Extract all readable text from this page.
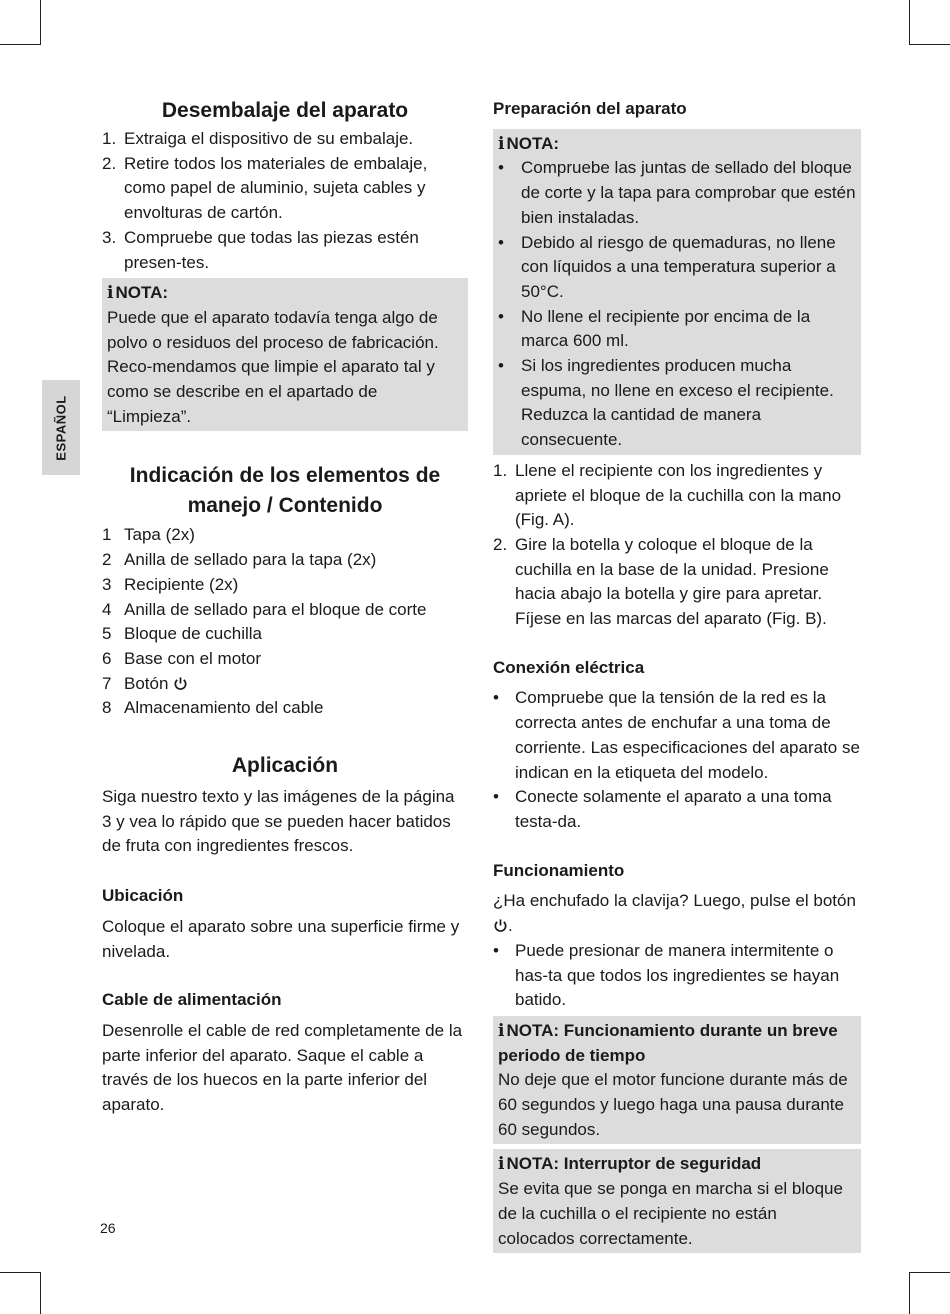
ESPAÑOL
Desembalaje del aparato
1. Extraiga el dispositivo de su embalaje.
2. Retire todos los materiales de embalaje, como papel de aluminio, sujeta cables y envolturas de cartón.
3. Compruebe que todas las piezas estén presen-tes.
i NOTA:

Puede que el aparato todavía tenga algo de polvo o residuos del proceso de fabricación. Reco-mendamos que limpie el aparato tal y como se describe en el apartado de “Limpieza”.

Indicación de los elementos de manejo / Contenido
1 Tapa (2x)
2 Anilla de sellado para la tapa (2x)
3 Recipiente (2x)
4 Anilla de sellado para el bloque de corte
5 Bloque de cuchilla
6 Base con el motor
7 Botón
8 Almacenamiento del cable
Aplicación

Siga nuestro texto y las imágenes de la página 3 y vea lo rápido que se pueden hacer batidos de fruta con ingredientes frescos.

Ubicación

Coloque el aparato sobre una superficie firme y nivelada.

Cable de alimentación

Desenrolle el cable de red completamente de la parte inferior del aparato. Saque el cable a través de los huecos en la parte inferior del aparato.

Preparación del aparato
i NOTA:
• Compruebe las juntas de sellado del bloque de corte y la tapa para comprobar que estén bien instaladas.
• Debido al riesgo de quemaduras, no llene con líquidos a una temperatura superior a 50°C.
• No llene el recipiente por encima de la marca 600 ml.
• Si los ingredientes producen mucha espuma, no llene en exceso el recipiente. Reduzca la cantidad de manera consecuente.
1. Llene el recipiente con los ingredientes y apriete el bloque de la cuchilla con la mano (Fig. A).
2. Gire la botella y coloque el bloque de la cuchilla en la base de la unidad. Presione hacia abajo la botella y gire para apretar. Fíjese en las marcas del aparato (Fig. B).
Conexión eléctrica
• Compruebe que la tensión de la red es la correcta antes de enchufar a una toma de corriente. Las especificaciones del aparato se indican en la etiqueta del modelo.
• Conecte solamente el aparato a una toma testa-da.
Funcionamiento

¿Ha enchufado la clavija? Luego, pulse el botón .

• Puede presionar de manera intermitente o has-ta que todos los ingredientes se hayan batido.
i NOTA: Funcionamiento durante un breve periodo de tiempo

No deje que el motor funcione durante más de 60 segundos y luego haga una pausa durante 60 segundos.

i NOTA: Interruptor de seguridad

Se evita que se ponga en marcha si el bloque de la cuchilla o el recipiente no están colocados correctamente.

26
